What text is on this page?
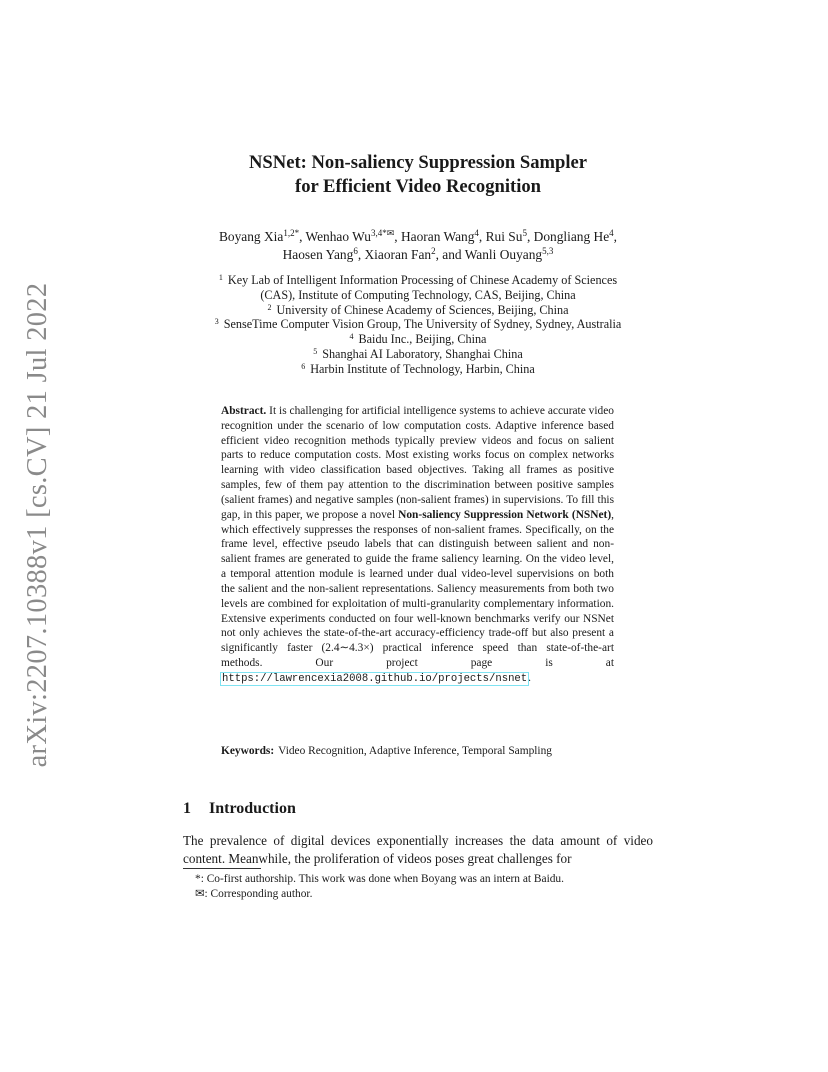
arXiv:2207.10388v1 [cs.CV] 21 Jul 2022
NSNet: Non-saliency Suppression Sampler
for Efficient Video Recognition
Boyang Xia$^{1,2*}$, Wenhao $Wu^{3,4*✉}$, Haoran Wang$^4$, Rui Su$^5$, Dongliang He$^4$,
Haosen Yang$^6$, Xiaoran Fan$^2$, and Wanli Ouyang$^{5,3}$
$^1$ Key Lab of Intelligent Information Processing of Chinese Academy of Sciences
(CAS), Institute of Computing Technology, CAS, Beijing, China
$^2$ University of Chinese Academy of Sciences, Beijing, China
$^3$ SenseTime Computer Vision Group, The University of Sydney, Sydney, Australia
$^4$ Baidu Inc., Beijing, China
$^5$ Shanghai AI Laboratory, Shanghai China
$^6$ Harbin Institute of Technology, Harbin, China
Abstract. It is challenging for artificial intelligence systems to achieve accurate video recognition under the scenario of low computation costs. Adaptive inference based efficient video recognition methods typically preview videos and focus on salient parts to reduce computation costs. Most existing works focus on complex networks learning with video classification based objectives. Taking all frames as positive samples, few of them pay attention to the discrimination between positive samples (salient frames) and negative samples (non-salient frames) in supervisions. To fill this gap, in this paper, we propose a novel Non-saliency Suppression Network (NSNet), which effectively suppresses the responses of non-salient frames. Specifically, on the frame level, effective pseudo labels that can distinguish between salient and non-salient frames are generated to guide the frame saliency learning. On the video level, a temporal attention module is learned under dual video-level supervisions on both the salient and the non-salient representations. Saliency measurements from both two levels are combined for exploitation of multi-granularity complementary information. Extensive experiments conducted on four well-known benchmarks verify our NSNet not only achieves the state-of-the-art accuracy-efficiency trade-off but also present a significantly faster (2.4∼4.3×) practical inference speed than state-of-the-art methods. Our project page is at https://lawrencexia2008.github.io/projects/nsnet.
Keywords: Video Recognition, Adaptive Inference, Temporal Sampling
1 Introduction
The prevalence of digital devices exponentially increases the data amount of video content. Meanwhile, the proliferation of videos poses great challenges for
*: Co-first authorship. This work was done when Boyang was an intern at Baidu.
✉: Corresponding author.
